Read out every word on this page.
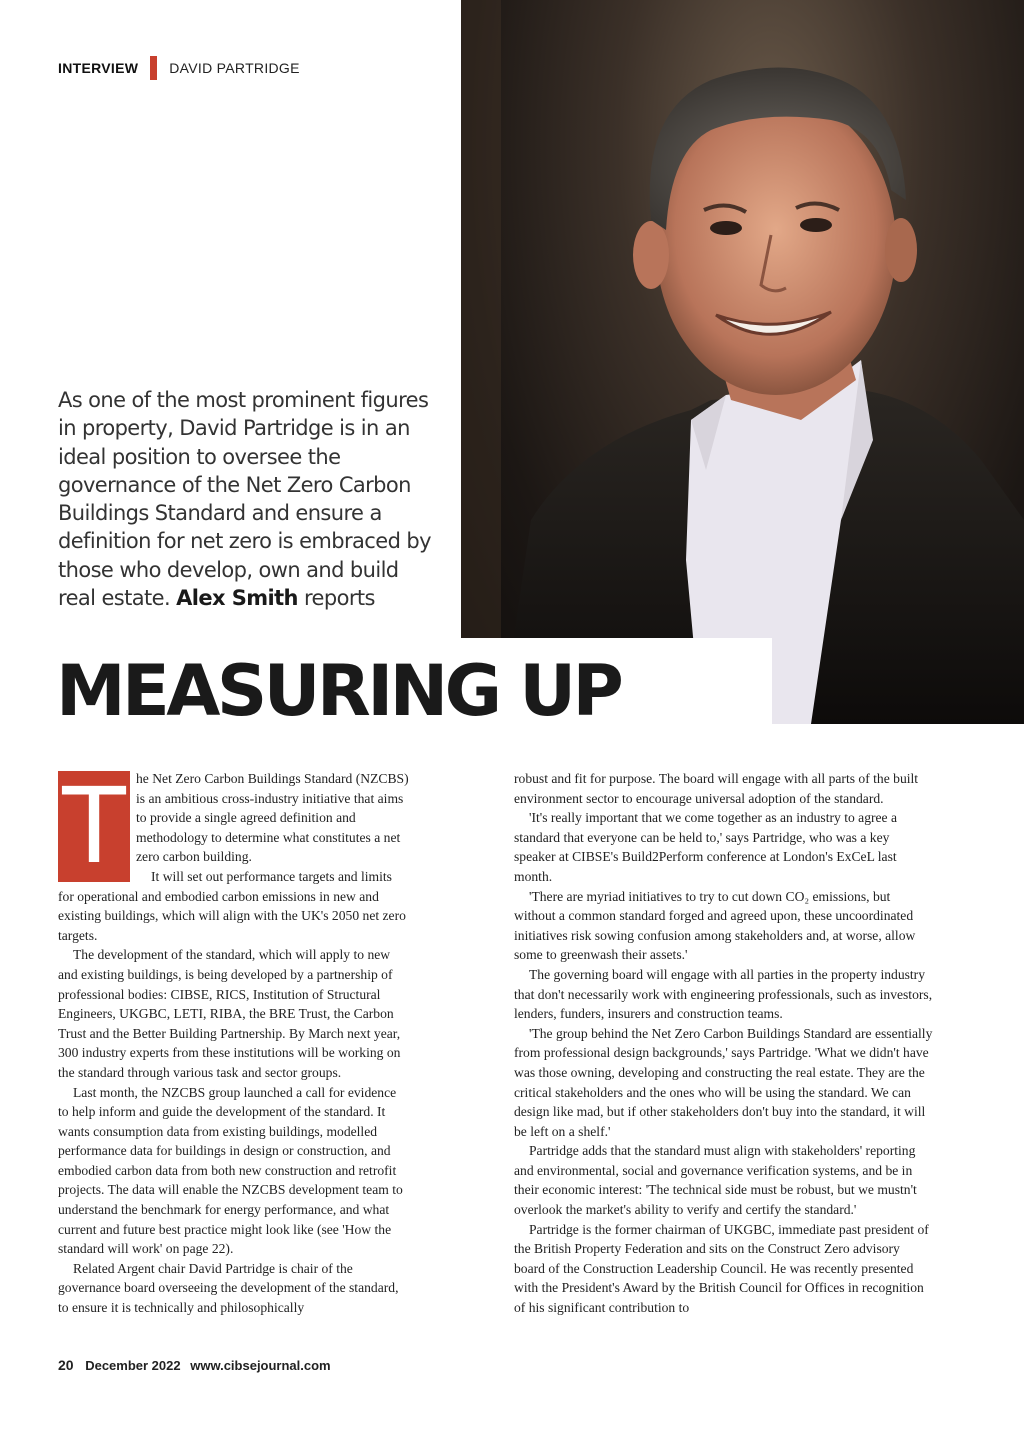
INTERVIEW DAVID PARTRIDGE
As one of the most prominent figures in property, David Partridge is in an ideal position to oversee the governance of the Net Zero Carbon Buildings Standard and ensure a definition for net zero is embraced by those who develop, own and build real estate. Alex Smith reports
MEASURING UP

T he Net Zero Carbon Buildings Standard (NZCBS) is an ambitious cross-industry initiative that aims to provide a single agreed definition and methodology to determine what constitutes a net zero carbon building.

It will set out performance targets and limits for operational and embodied carbon emissions in new and existing buildings, which will align with the UK's 2050 net zero targets.

The development of the standard, which will apply to new and existing buildings, is being developed by a partnership of professional bodies: CIBSE, RICS, Institution of Structural Engineers, UKGBC, LETI, RIBA, the BRE Trust, the Carbon Trust and the Better Building Partnership. By March next year, 300 industry experts from these institutions will be working on the standard through various task and sector groups.

Last month, the NZCBS group launched a call for evidence to help inform and guide the development of the standard. It wants consumption data from existing buildings, modelled performance data for buildings in design or construction, and embodied carbon data from both new construction and retrofit projects. The data will enable the NZCBS development team to understand the benchmark for energy performance, and what current and future best practice might look like (see 'How the standard will work' on page 22).

Related Argent chair David Partridge is chair of the governance board overseeing the development of the standard, to ensure it is technically and philosophically

robust and fit for purpose. The board will engage with all parts of the built environment sector to encourage universal adoption of the standard.

'It's really important that we come together as an industry to agree a standard that everyone can be held to,' says Partridge, who was a key speaker at CIBSE's Build2Perform conference at London's ExCeL last month.

'There are myriad initiatives to try to cut down CO₂ emissions, but without a common standard forged and agreed upon, these uncoordinated initiatives risk sowing confusion among stakeholders and, at worse, allow some to greenwash their assets.'

The governing board will engage with all parties in the property industry that don't necessarily work with engineering professionals, such as investors, lenders, funders, insurers and construction teams.

'The group behind the Net Zero Carbon Buildings Standard are essentially from professional design backgrounds,' says Partridge. 'What we didn't have was those owning, developing and constructing the real estate. They are the critical stakeholders and the ones who will be using the standard. We can design like mad, but if other stakeholders don't buy into the standard, it will be left on a shelf.'

Partridge adds that the standard must align with stakeholders' reporting and environmental, social and governance verification systems, and be in their economic interest: 'The technical side must be robust, but we mustn't overlook the market's ability to verify and certify the standard.'

Partridge is the former chairman of UKGBC, immediate past president of the British Property Federation and sits on the Construct Zero advisory board of the Construction Leadership Council. He was recently presented with the President's Award by the British Council for Offices in recognition of his significant contribution to

20 December 2022 www.cibsejournal.com
